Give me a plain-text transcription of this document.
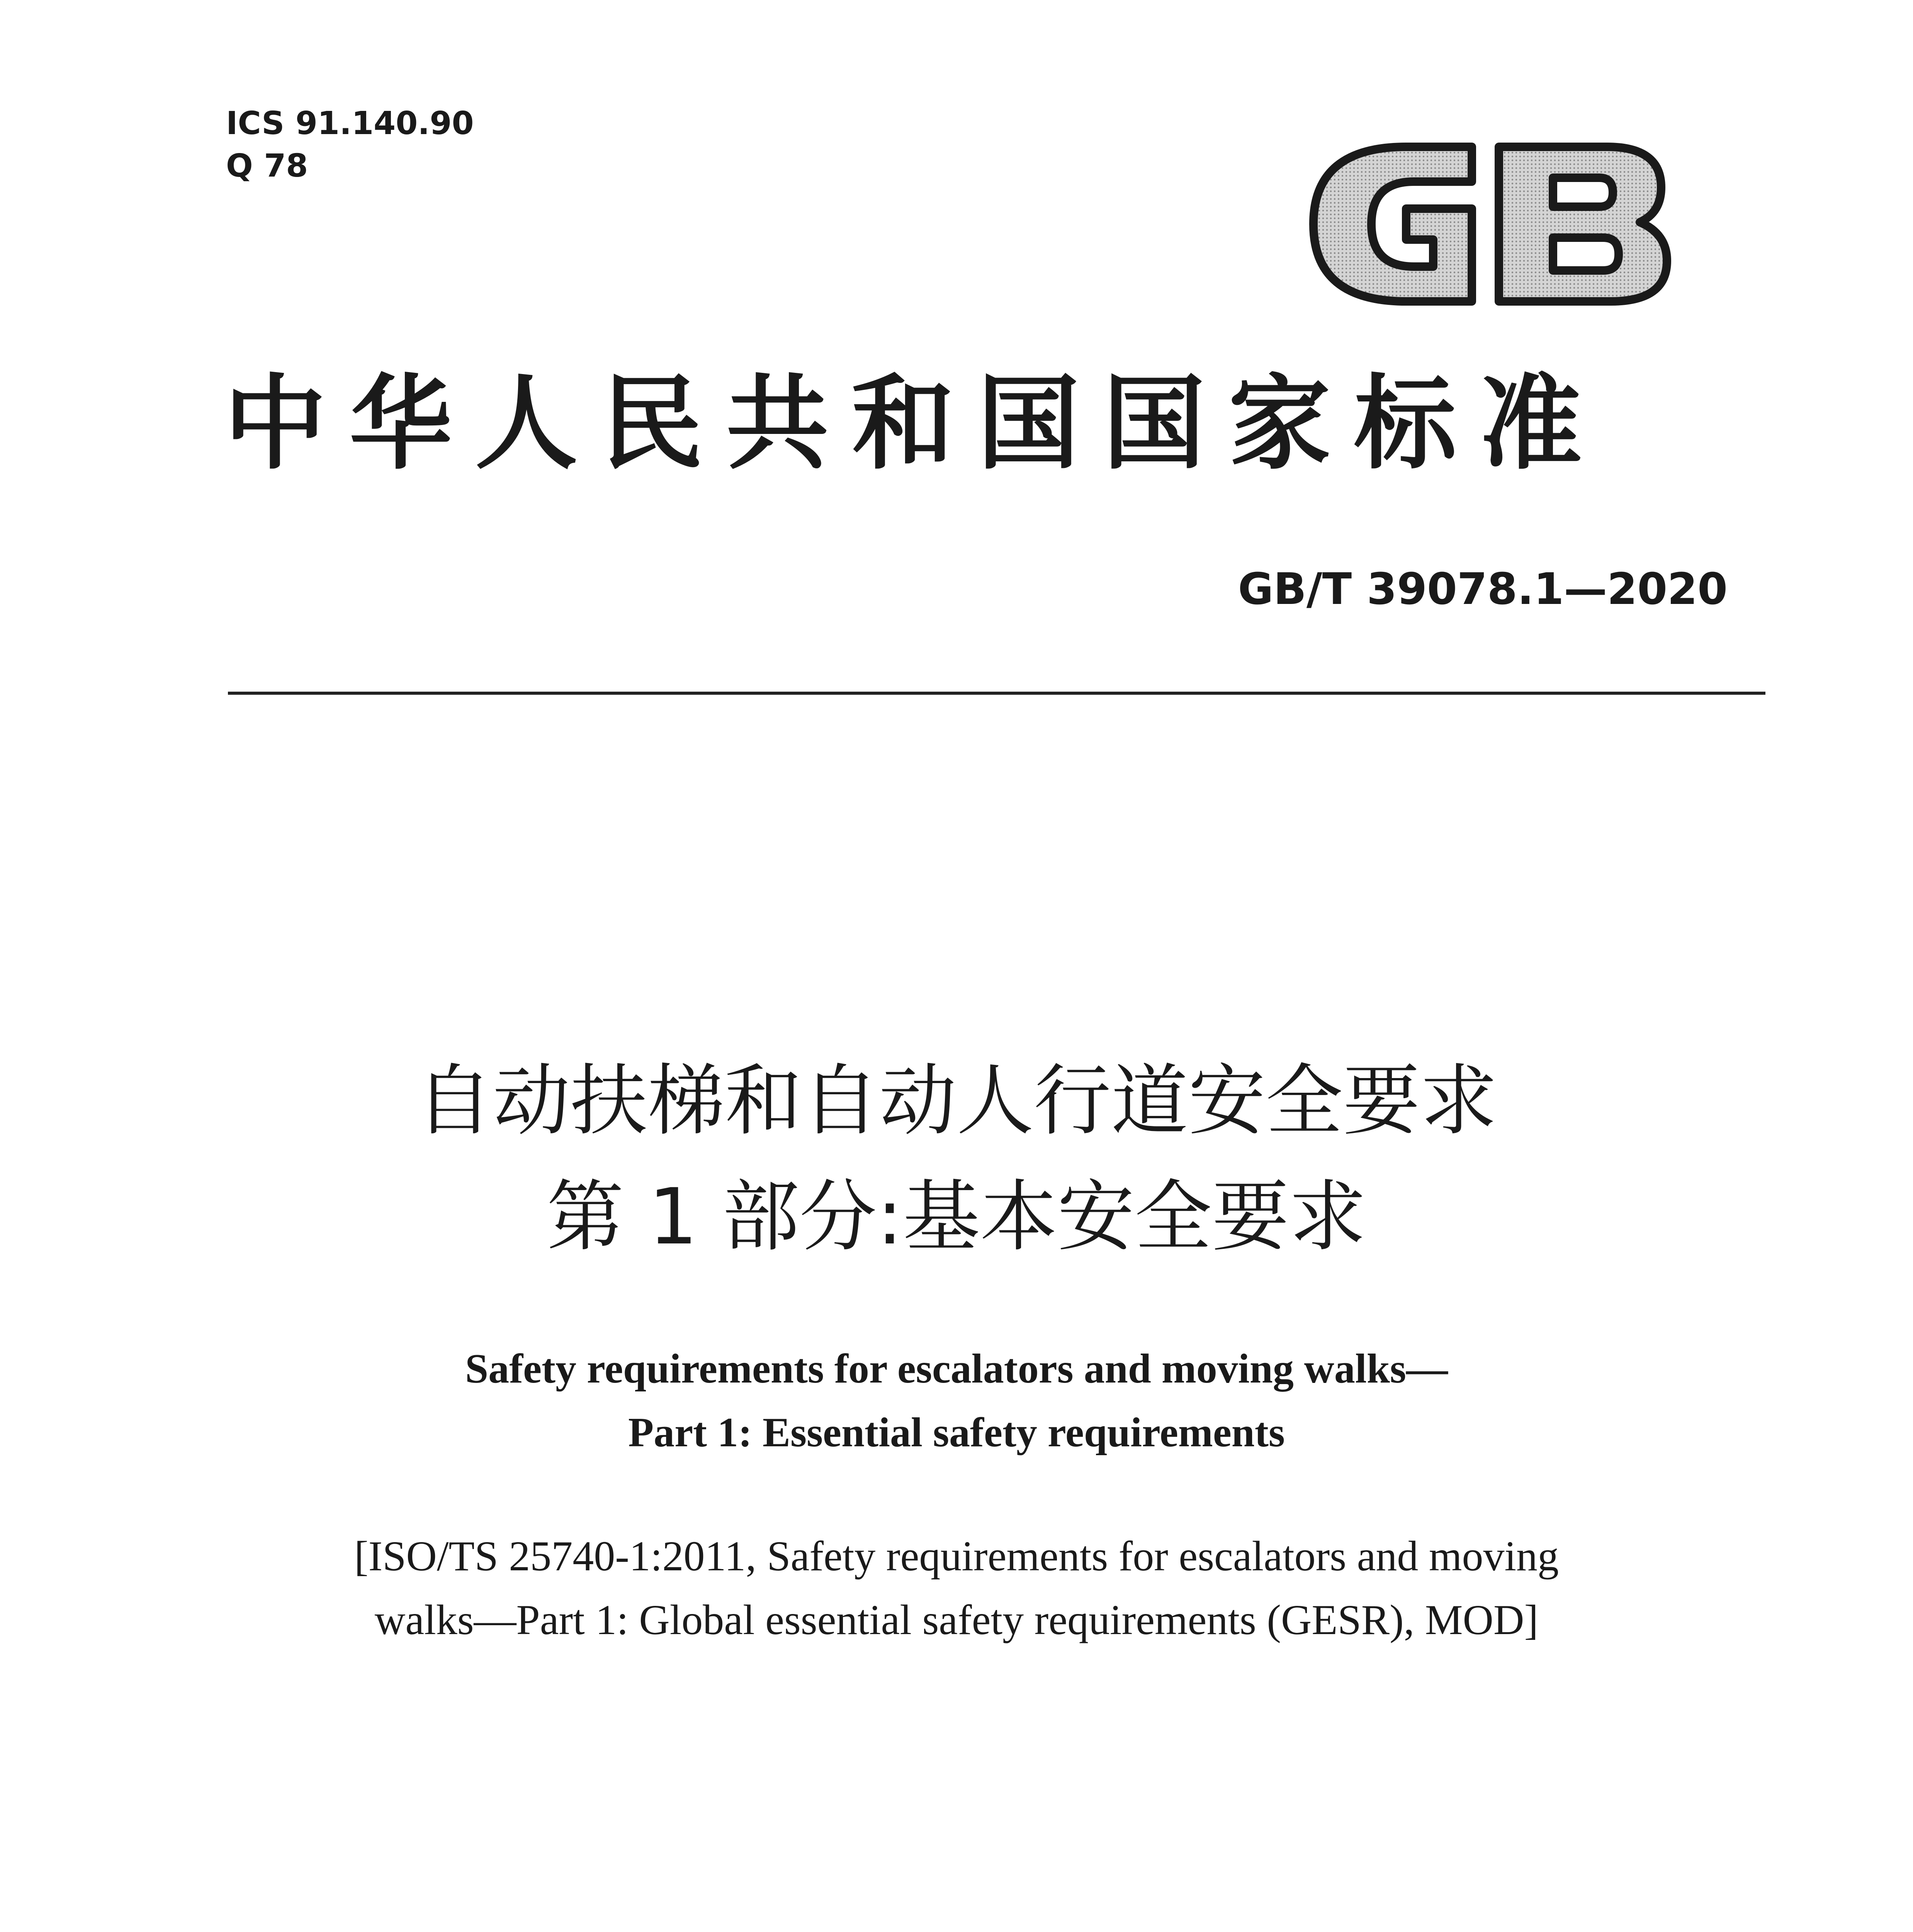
ICS 91.140.90
Q 78
中华人民共和国国家标准
GB/T 39078.1—2020
自动扶梯和自动人行道安全要求
第 1 部分:基本安全要求
Safety requirements for escalators and moving walks—
Part 1: Essential safety requirements
[ISO/TS 25740-1:2011, Safety requirements for escalators and moving
walks—Part 1: Global essential safety requirements (GESR), MOD]
